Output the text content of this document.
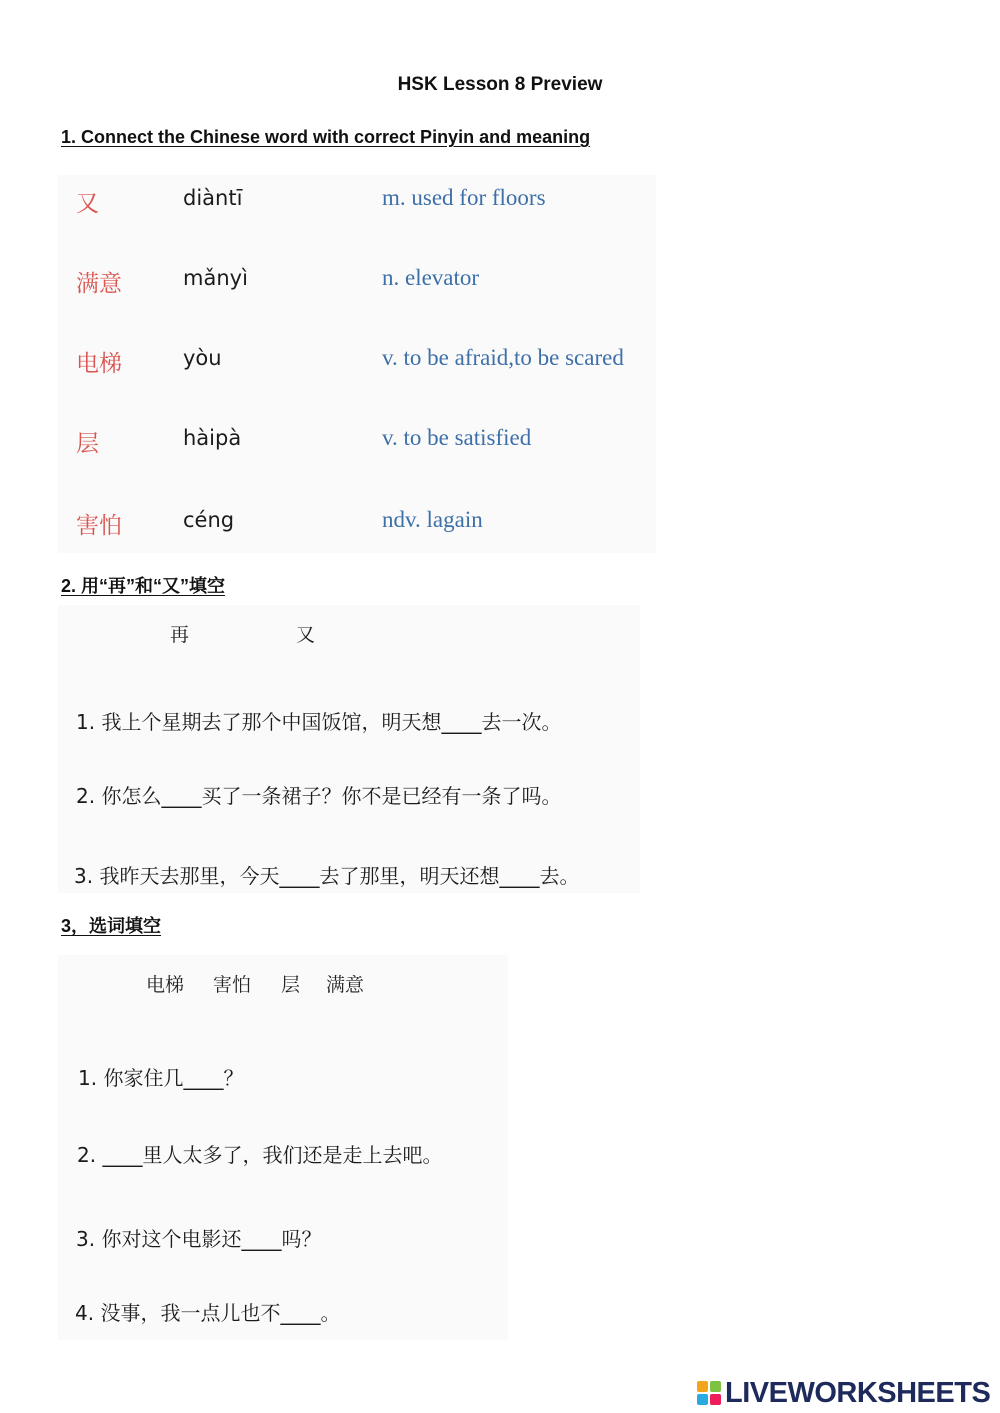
HSK Lesson 8 Preview
1. Connect the Chinese word with correct Pinyin and meaning
又	diàntī	m. used for floors
满意	mǎnyì	n. elevator
电梯	yòu	v. to be afraid,to be scared
层	hàipà	v. to be satisfied
害怕	céng	ndv. lagain
2. 用“再”和“又”填空
再	又
1. 我上个星期去了那个中国饭馆，明天想____去一次。
2. 你怎么____买了一条裙子？你不是已经有一条了吗。
3. 我昨天去那里，今天____去了那里，明天还想____去。
3，选词填空
电梯 害怕 层 满意
1. 你家住几____？
2. ____里人太多了，我们还是走上去吧。
3. 你对这个电影还____吗？
4. 没事，我一点儿也不____。
LIVEWORKSHEETS
